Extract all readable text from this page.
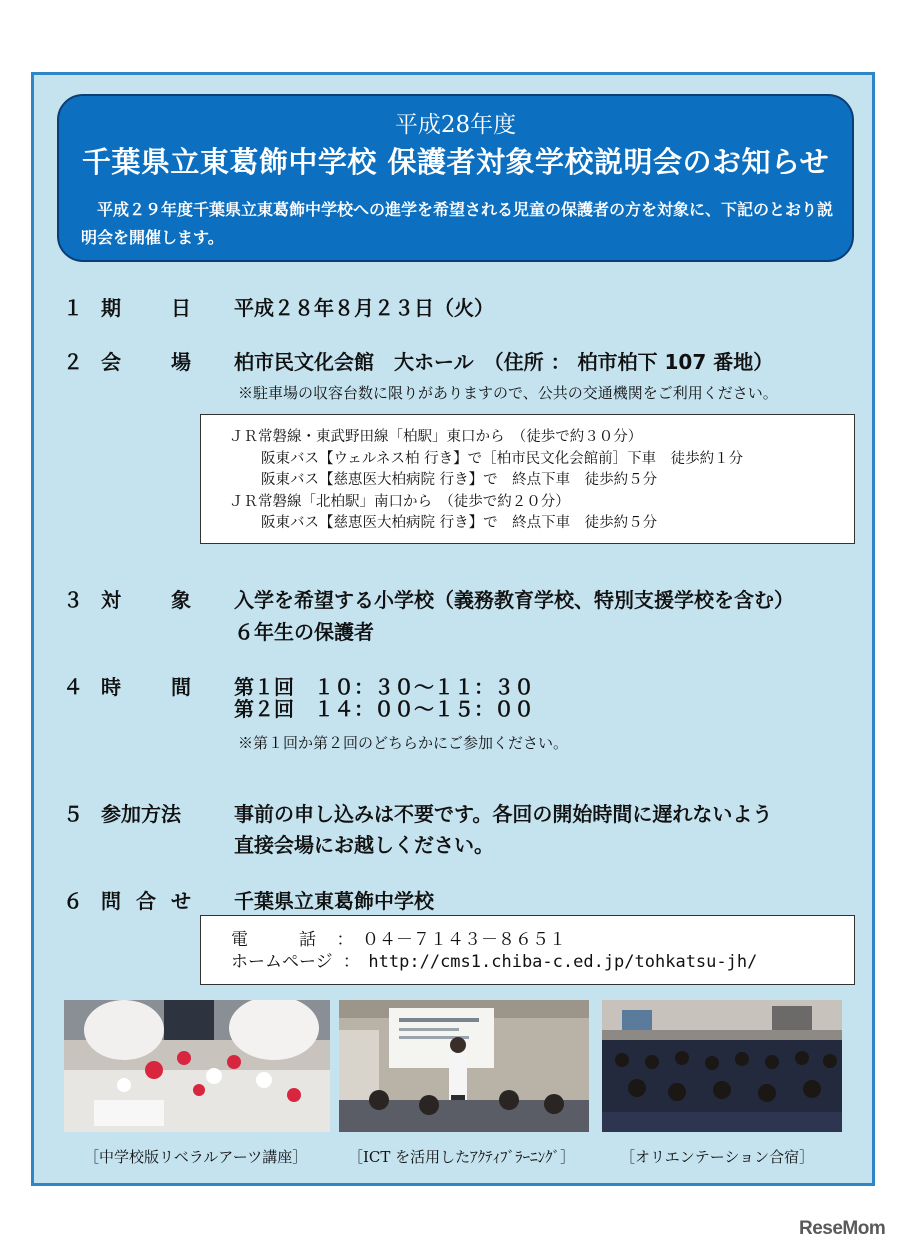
平成28年度
千葉県立東葛飾中学校 保護者対象学校説明会のお知らせ
平成２９年度千葉県立東葛飾中学校への進学を希望される児童の保護者の方を対象に、下記のとおり説明会を開催します。
１ 期	日 平成２８年８月２３日（火）
２ 会	場 柏市民文化会館　大ホール　（住所 ： 柏市柏下 107 番地）
※駐車場の収容台数に限りがありますので、公共の交通機関をご利用ください。
ＪＲ常磐線・東武野田線「柏駅」東口から　（徒歩で約３０分）
阪東バス【ウェルネス柏 行き】で［柏市民文化会館前］下車　徒歩約１分
阪東バス【慈恵医大柏病院 行き】で　終点下車　徒歩約５分
ＪＲ常磐線「北柏駅」南口から　（徒歩で約２０分）
阪東バス【慈恵医大柏病院 行き】で　終点下車　徒歩約５分
３ 対	象 入学を希望する小学校（義務教育学校、特別支援学校を含む）
６年生の保護者
４ 時	間 第１回　１０：３０～１１：３０
第２回　１４：００～１５：００
※第１回か第２回のどちらかにご参加ください。
５ 参加方法	事前の申し込みは不要です。各回の開始時間に遅れないよう
直接会場にお越しください。
６ 問 合 せ 千葉県立東葛飾中学校
電　　　話 ：　０４－７１４３－８６５１
ホームページ ：　http://cms1.chiba-c.ed.jp/tohkatsu-jh/
［中学校版リベラルアーツ講座］	［ICT を活用したｱｸﾃｨﾌﾞﾗｰﾆﾝｸﾞ］	［オリエンテーション合宿］
ReseMom
